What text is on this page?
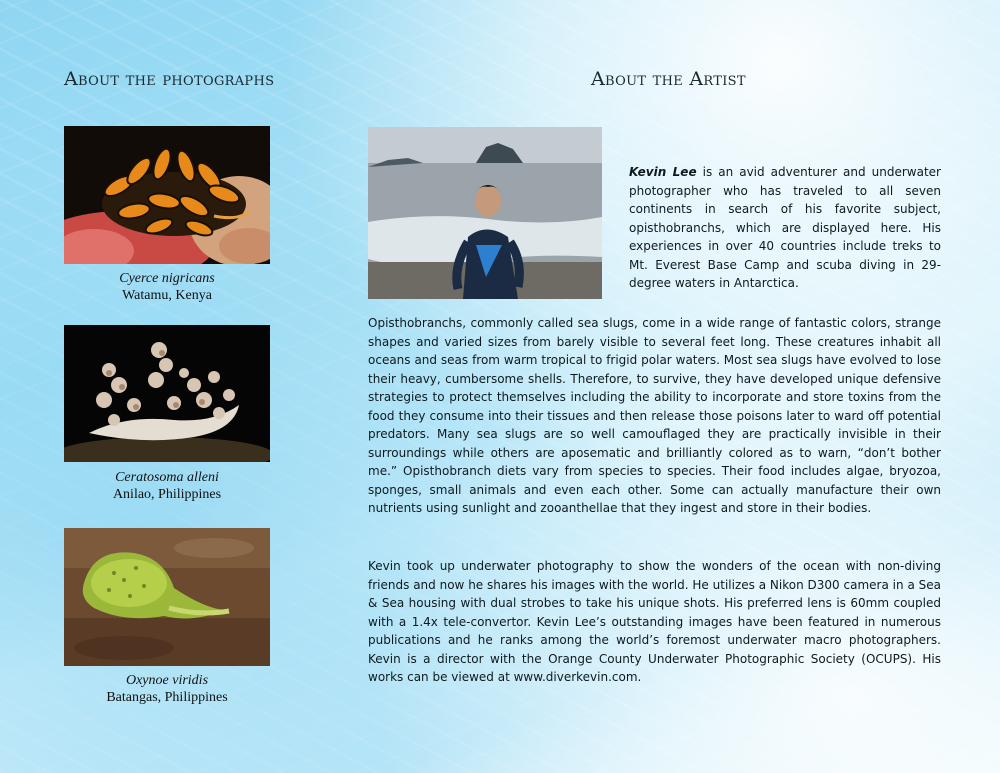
About the photographs	About the Artist
Cyerce nigricans
Watamu, Kenya
Ceratosoma alleni
Anilao, Philippines
Oxynoe viridis
Batangas, Philippines

Kevin Lee is an avid adventurer and underwater photographer who has traveled to all seven continents in search of his favorite subject, opisthobranchs, which are displayed here. His experiences in over 40 countries include treks to Mt. Everest Base Camp and scuba diving in 29-degree waters in Antarctica.

Opisthobranchs, commonly called sea slugs, come in a wide range of fantastic colors, strange shapes and varied sizes from barely visible to several feet long. These creatures inhabit all oceans and seas from warm tropical to frigid polar waters. Most sea slugs have evolved to lose their heavy, cumbersome shells. Therefore, to survive, they have developed unique defensive strategies to protect themselves including the ability to incorporate and store toxins from the food they consume into their tissues and then release those poisons later to ward off potential predators. Many sea slugs are so well camouflaged they are practically invisible in their surroundings while others are aposematic and brilliantly colored as to warn, “don’t bother me.” Opisthobranch diets vary from species to species. Their food includes algae, bryozoa, sponges, small animals and even each other. Some can actually manufacture their own nutrients using sunlight and zooanthellae that they ingest and store in their bodies.

Kevin took up underwater photography to show the wonders of the ocean with non-diving friends and now he shares his images with the world. He utilizes a Nikon D300 camera in a Sea & Sea housing with dual strobes to take his unique shots. His preferred lens is 60mm coupled with a 1.4x tele-convertor. Kevin Lee’s outstanding images have been featured in numerous publications and he ranks among the world’s foremost underwater macro photographers. Kevin is a director with the Orange County Underwater Photographic Society (OCUPS). His works can be viewed at www.diverkevin.com.
